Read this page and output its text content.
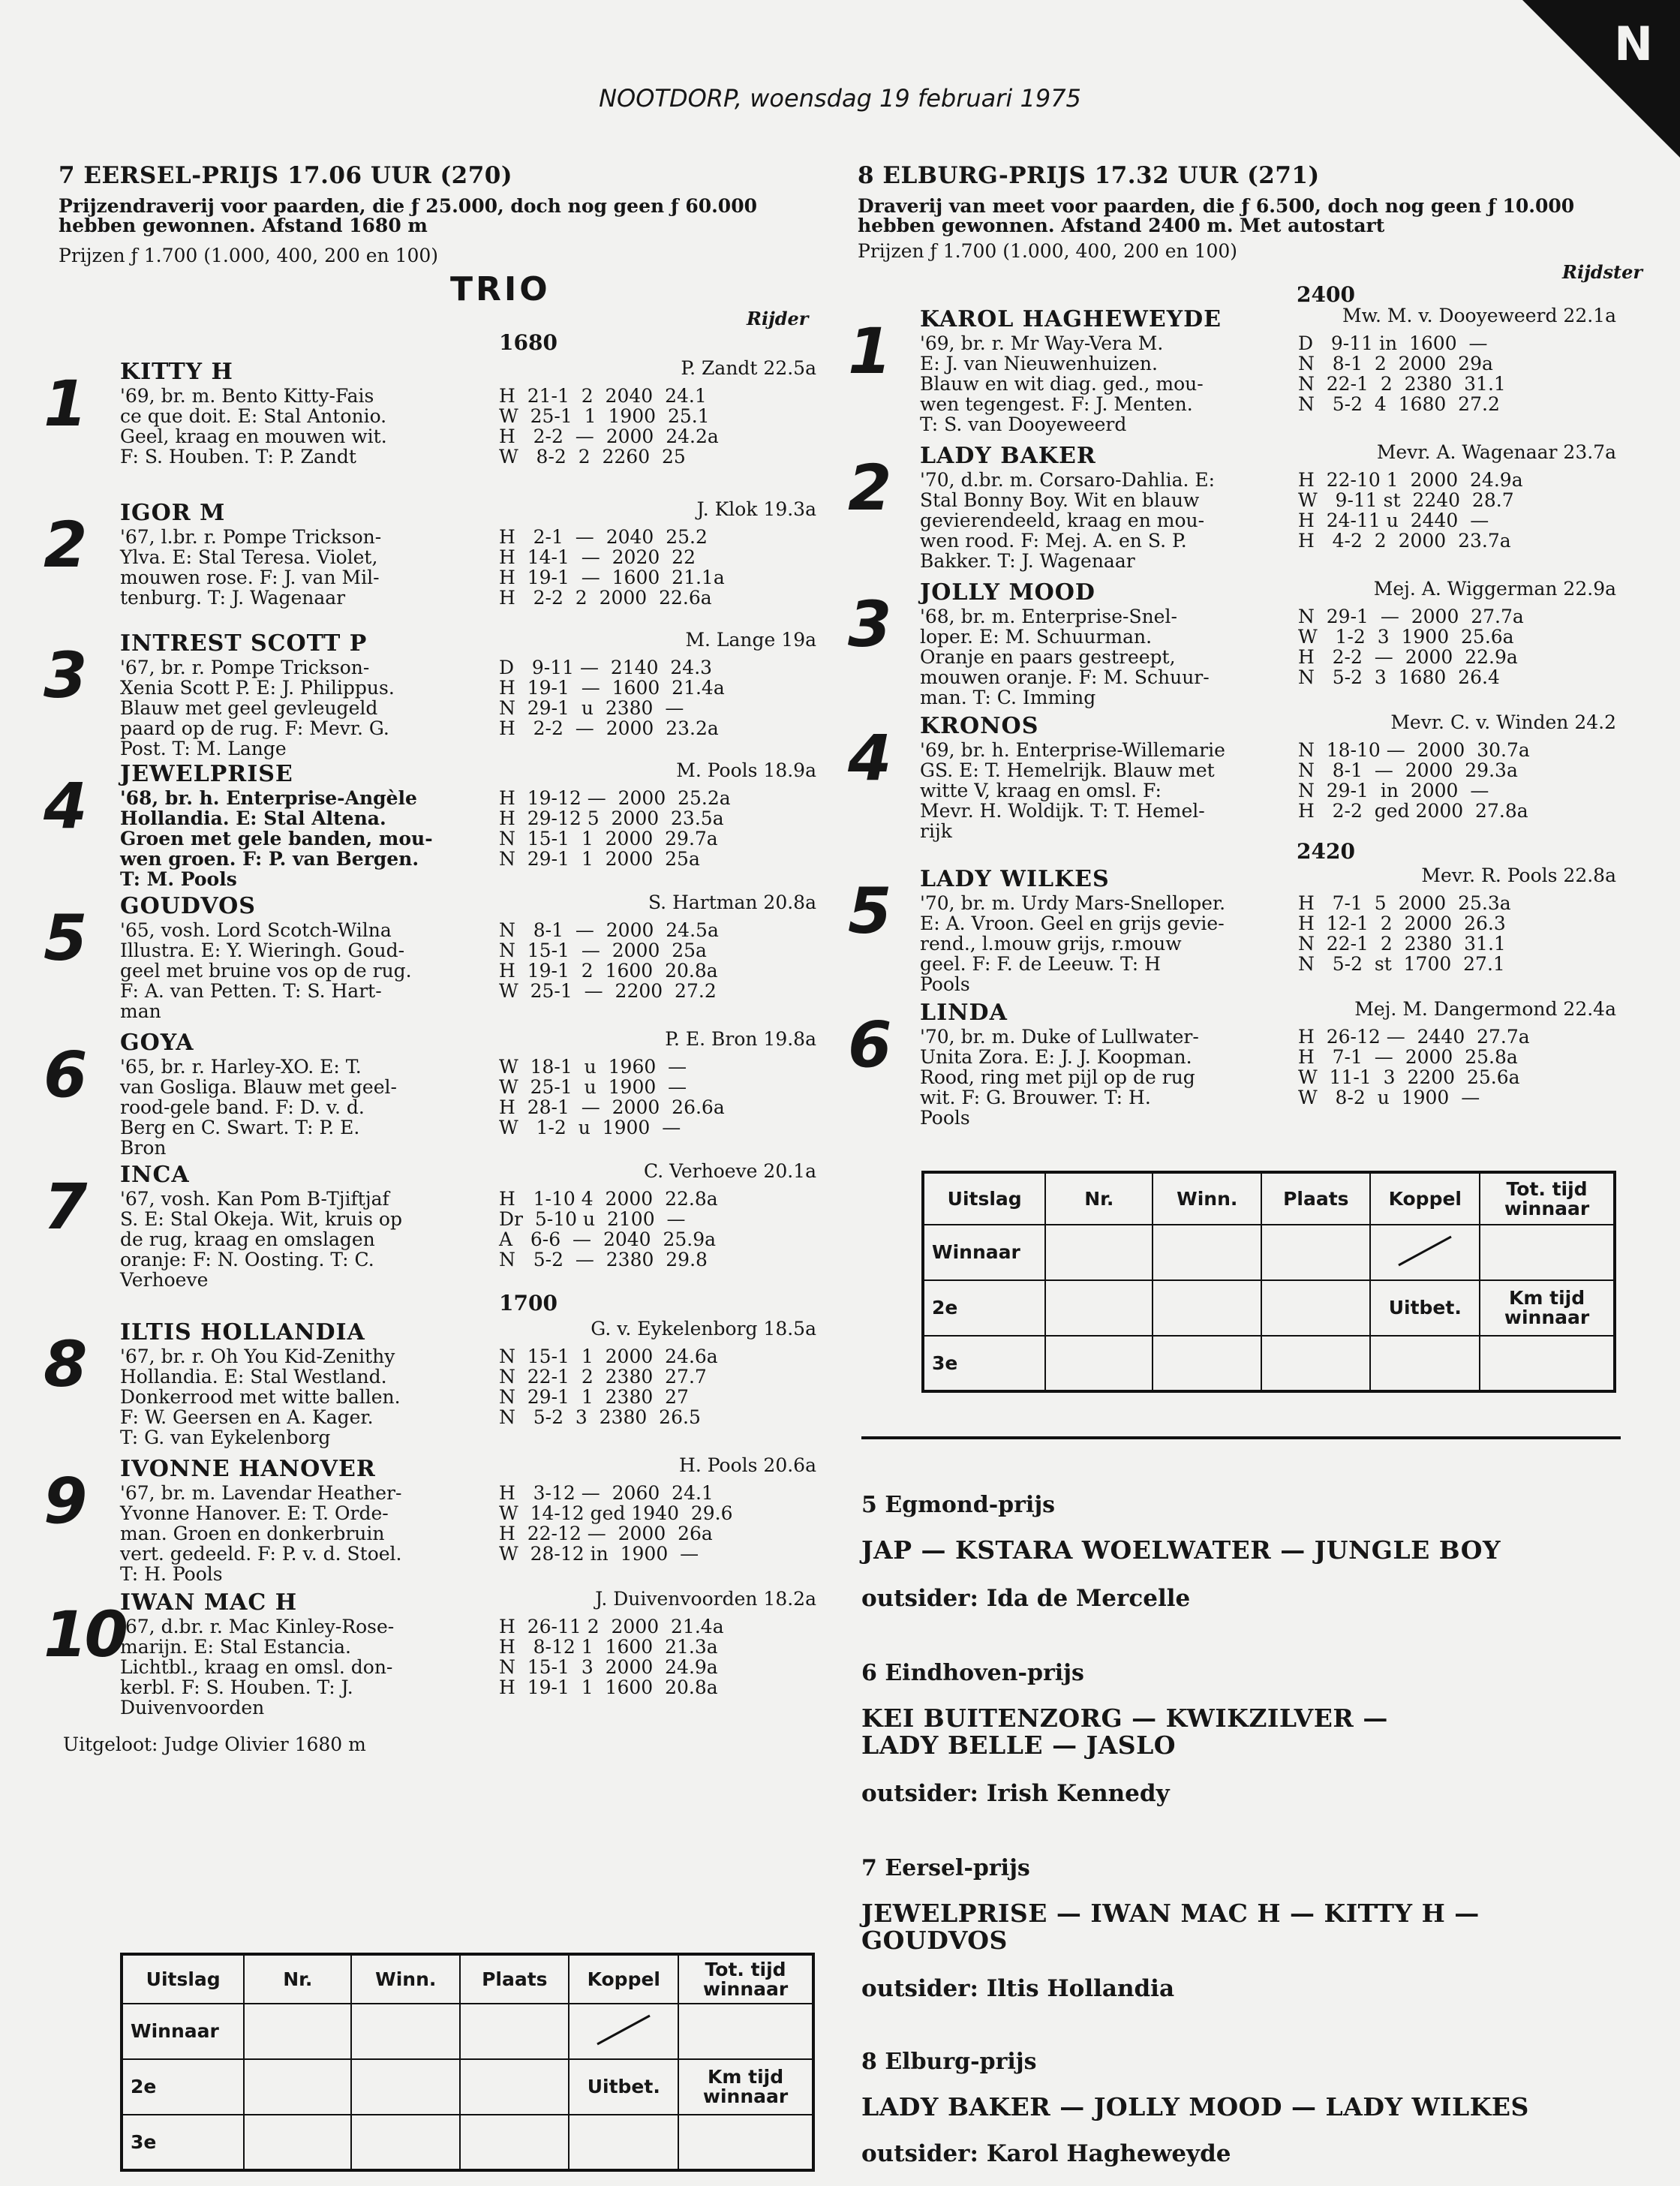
N
NOOTDORP, woensdag 19 februari 1975
7 EERSEL-PRIJS 17.06 UUR (270)
Prijzendraverij voor paarden, die ƒ 25.000, doch nog geen ƒ 60.000 hebben gewonnen. Afstand 1680 m
Prijzen ƒ 1.700 (1.000, 400, 200 en 100)
TRIO
Rijder
1680
1700
1 KITTY H	P. Zandt 22.5a
'69, br. m. Bento Kitty-Fais
ce que doit. E: Stal Antonio.
Geel, kraag en mouwen wit.
F: S. Houben. T: P. Zandt
H  21-1  2  2040  24.1
W  25-1  1  1900  25.1
H   2-2  —  2000  24.2a
W   8-2  2  2260  25
2 IGOR M	J. Klok 19.3a
'67, l.br. r. Pompe Trickson-
Ylva. E: Stal Teresa. Violet,
mouwen rose. F: J. van Mil-
tenburg. T: J. Wagenaar
H   2-1  —  2040  25.2
H  14-1  —  2020  22
H  19-1  —  1600  21.1a
H   2-2  2  2000  22.6a
3 INTREST SCOTT P	M. Lange 19a
'67, br. r. Pompe Trickson-
Xenia Scott P. E: J. Philippus.
Blauw met geel gevleugeld
paard op de rug. F: Mevr. G.
Post. T: M. Lange
D   9-11 —  2140  24.3
H  19-1  —  1600  21.4a
N  29-1  u  2380  —
H   2-2  —  2000  23.2a
4 JEWELPRISE	M. Pools 18.9a
'68, br. h. Enterprise-Angèle
Hollandia. E: Stal Altena.
Groen met gele banden, mou-
wen groen. F: P. van Bergen.
T: M. Pools
H  19-12 —  2000  25.2a
H  29-12 5  2000  23.5a
N  15-1  1  2000  29.7a
N  29-1  1  2000  25a
5 GOUDVOS	S. Hartman 20.8a
'65, vosh. Lord Scotch-Wilna
Illustra. E: Y. Wieringh. Goud-
geel met bruine vos op de rug.
F: A. van Petten. T: S. Hart-
man
N   8-1  —  2000  24.5a
N  15-1  —  2000  25a
H  19-1  2  1600  20.8a
W  25-1  —  2200  27.2
6 GOYA	P. E. Bron 19.8a
'65, br. r. Harley-XO. E: T.
van Gosliga. Blauw met geel-
rood-gele band. F: D. v. d.
Berg en C. Swart. T: P. E.
Bron
W  18-1  u  1960  —
W  25-1  u  1900  —
H  28-1  —  2000  26.6a
W   1-2  u  1900  —
7 INCA	C. Verhoeve 20.1a
'67, vosh. Kan Pom B-Tjiftjaf
S. E: Stal Okeja. Wit, kruis op
de rug, kraag en omslagen
oranje: F: N. Oosting. T: C.
Verhoeve
H   1-10 4  2000  22.8a
Dr  5-10 u  2100  —
A   6-6  —  2040  25.9a
N   5-2  —  2380  29.8
8 ILTIS HOLLANDIA	G. v. Eykelenborg 18.5a
'67, br. r. Oh You Kid-Zenithy
Hollandia. E: Stal Westland.
Donkerrood met witte ballen.
F: W. Geersen en A. Kager.
T: G. van Eykelenborg
N  15-1  1  2000  24.6a
N  22-1  2  2380  27.7
N  29-1  1  2380  27
N   5-2  3  2380  26.5
9 IVONNE HANOVER	H. Pools 20.6a
'67, br. m. Lavendar Heather-
Yvonne Hanover. E: T. Orde-
man. Groen en donkerbruin
vert. gedeeld. F: P. v. d. Stoel.
T: H. Pools
H   3-12 —  2060  24.1
W  14-12 ged 1940  29.6
H  22-12 —  2000  26a
W  28-12 in  1900  —
10
IWAN MAC H	J. Duivenvoorden 18.2a
'67, d.br. r. Mac Kinley-Rose-
marijn. E: Stal Estancia.
Lichtbl., kraag en omsl. don-
kerbl. F: S. Houben. T: J.
Duivenvoorden
H  26-11 2  2000  21.4a
H   8-12 1  1600  21.3a
N  15-1  3  2000  24.9a
H  19-1  1  1600  20.8a
Uitgeloot: Judge Olivier 1680 m
8 ELBURG-PRIJS 17.32 UUR (271)
Draverij van meet voor paarden, die ƒ 6.500, doch nog geen ƒ 10.000 hebben gewonnen. Afstand 2400 m. Met autostart
Prijzen ƒ 1.700 (1.000, 400, 200 en 100)
Rijdster
2400
2420
1 KAROL HAGHEWEYDE	Mw. M. v. Dooyeweerd 22.1a
'69, br. r. Mr Way-Vera M.
E: J. van Nieuwenhuizen.
Blauw en wit diag. ged., mou-
wen tegengest. F: J. Menten.
T: S. van Dooyeweerd
D   9-11 in  1600  —
N   8-1  2  2000  29a
N  22-1  2  2380  31.1
N   5-2  4  1680  27.2
2 LADY BAKER	Mevr. A. Wagenaar 23.7a
'70, d.br. m. Corsaro-Dahlia. E:
Stal Bonny Boy. Wit en blauw
gevierendeeld, kraag en mou-
wen rood. F: Mej. A. en S. P.
Bakker. T: J. Wagenaar
H  22-10 1  2000  24.9a
W   9-11 st  2240  28.7
H  24-11 u  2440  —
H   4-2  2  2000  23.7a
3 JOLLY MOOD	Mej. A. Wiggerman 22.9a
'68, br. m. Enterprise-Snel-
loper. E: M. Schuurman.
Oranje en paars gestreept,
mouwen oranje. F: M. Schuur-
man. T: C. Imming
N  29-1  —  2000  27.7a
W   1-2  3  1900  25.6a
H   2-2  —  2000  22.9a
N   5-2  3  1680  26.4
4 KRONOS	Mevr. C. v. Winden 24.2
'69, br. h. Enterprise-Willemarie
GS. E: T. Hemelrijk. Blauw met
witte V, kraag en omsl. F:
Mevr. H. Woldijk. T: T. Hemel-
rijk
N  18-10 —  2000  30.7a
N   8-1  —  2000  29.3a
N  29-1  in  2000  —
H   2-2  ged 2000  27.8a
5 LADY WILKES	Mevr. R. Pools 22.8a
'70, br. m. Urdy Mars-Snelloper.
E: A. Vroon. Geel en grijs gevie-
rend., l.mouw grijs, r.mouw
geel. F: F. de Leeuw. T: H
Pools
H   7-1  5  2000  25.3a
H  12-1  2  2000  26.3
N  22-1  2  2380  31.1
N   5-2  st  1700  27.1
6 LINDA	Mej. M. Dangermond 22.4a
'70, br. m. Duke of Lullwater-
Unita Zora. E: J. J. Koopman.
Rood, ring met pijl op de rug
wit. F: G. Brouwer. T: H.
Pools
H  26-12 —  2440  27.7a
H   7-1  —  2000  25.8a
W  11-1  3  2200  25.6a
W   8-2  u  1900  —
Uitslag	Nr.	Winn.	Plaats	Koppel	Tot. tijd winnaar
Winnaar					
2e				Uitbet.	Km tijd winnaar
3e					
Uitslag	Nr.	Winn.	Plaats	Koppel	Tot. tijd winnaar
Winnaar					
2e				Uitbet.	Km tijd winnaar
3e					
5 Egmond-prijs
JAP — KSTARA WOELWATER — JUNGLE BOY
outsider: Ida de Mercelle
6 Eindhoven-prijs
KEI BUITENZORG — KWIKZILVER —
LADY BELLE — JASLO
outsider: Irish Kennedy
7 Eersel-prijs
JEWELPRISE — IWAN MAC H — KITTY H —
GOUDVOS
outsider: Iltis Hollandia
8 Elburg-prijs
LADY BAKER — JOLLY MOOD — LADY WILKES
outsider: Karol Hagheweyde
